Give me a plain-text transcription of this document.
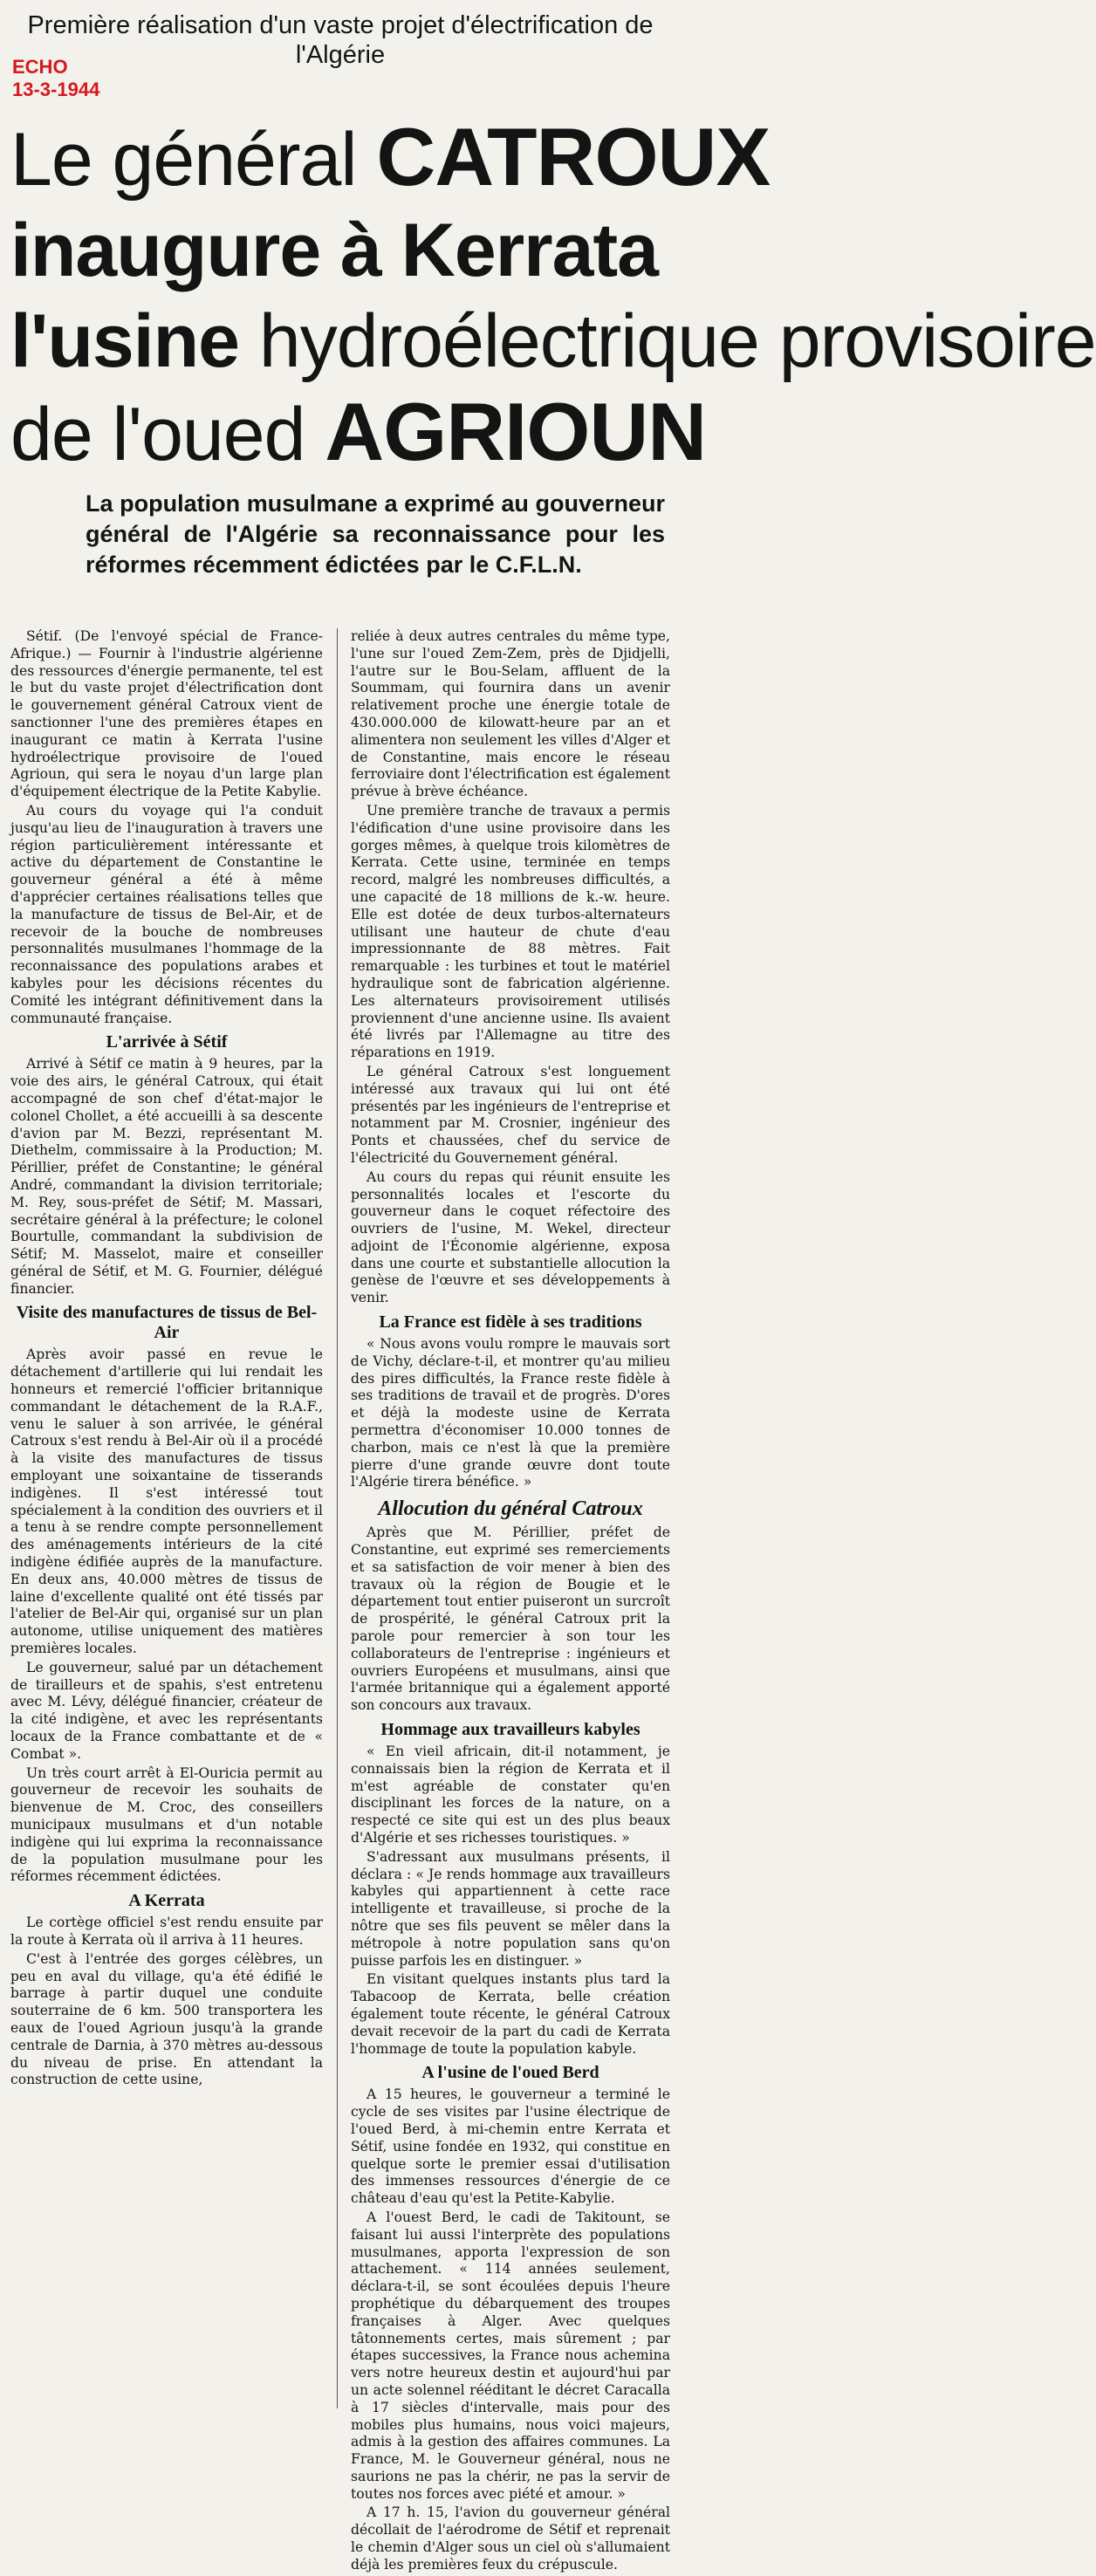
Première réalisation d'un vaste projet d'électrification de l'Algérie
ECHO
13-3-1944
Le général CATROUX
inaugure à Kerrata
l'usine hydroélectrique provisoire
de l'oued AGRIOUN
La population musulmane a exprimé au gouverneur général de l'Algérie sa reconnaissance pour les réformes récemment édictées par le C.F.L.N.

Sétif. (De l'envoyé spécial de France-Afrique.) — Fournir à l'industrie algérienne des ressources d'énergie permanente, tel est le but du vaste projet d'électrification dont le gouvernement général Catroux vient de sanctionner l'une des premières étapes en inaugurant ce matin à Kerrata l'usine hydroélectrique provisoire de l'oued Agrioun, qui sera le noyau d'un large plan d'équipement électrique de la Petite Kabylie.

Au cours du voyage qui l'a conduit jusqu'au lieu de l'inauguration à travers une région particulièrement intéressante et active du département de Constantine le gouverneur général a été à même d'apprécier certaines réalisations telles que la manufacture de tissus de Bel-Air, et de recevoir de la bouche de nombreuses personnalités musulmanes l'hommage de la reconnaissance des populations arabes et kabyles pour les décisions récentes du Comité les intégrant définitivement dans la communauté française.

L'arrivée à Sétif

Arrivé à Sétif ce matin à 9 heures, par la voie des airs, le général Catroux, qui était accompagné de son chef d'état-major le colonel Chollet, a été accueilli à sa descente d'avion par M. Bezzi, représentant M. Diethelm, commissaire à la Production; M. Périllier, préfet de Constantine; le général André, commandant la division territoriale; M. Rey, sous-préfet de Sétif; M. Massari, secrétaire général à la préfecture; le colonel Bourtulle, commandant la subdivision de Sétif; M. Masselot, maire et conseiller général de Sétif, et M. G. Fournier, délégué financier.

Visite des manufactures de tissus de Bel-Air

Après avoir passé en revue le détachement d'artillerie qui lui rendait les honneurs et remercié l'officier britannique commandant le détachement de la R.A.F., venu le saluer à son arrivée, le général Catroux s'est rendu à Bel-Air où il a procédé à la visite des manufactures de tissus employant une soixantaine de tisserands indigènes. Il s'est intéressé tout spécialement à la condition des ouvriers et il a tenu à se rendre compte personnellement des aménagements intérieurs de la cité indigène édifiée auprès de la manufacture. En deux ans, 40.000 mètres de tissus de laine d'excellente qualité ont été tissés par l'atelier de Bel-Air qui, organisé sur un plan autonome, utilise uniquement des matières premières locales.

Le gouverneur, salué par un détachement de tirailleurs et de spahis, s'est entretenu avec M. Lévy, délégué financier, créateur de la cité indigène, et avec les représentants locaux de la France combattante et de « Combat ».

Un très court arrêt à El-Ouricia permit au gouverneur de recevoir les souhaits de bienvenue de M. Croc, des conseillers municipaux musulmans et d'un notable indigène qui lui exprima la reconnaissance de la population musulmane pour les réformes récemment édictées.

A Kerrata

Le cortège officiel s'est rendu ensuite par la route à Kerrata où il arriva à 11 heures.

C'est à l'entrée des gorges célèbres, un peu en aval du village, qu'a été édifié le barrage à partir duquel une conduite souterraine de 6 km. 500 transportera les eaux de l'oued Agrioun jusqu'à la grande centrale de Darnia, à 370 mètres au-dessous du niveau de prise. En attendant la construction de cette usine,

reliée à deux autres centrales du même type, l'une sur l'oued Zem-Zem, près de Djidjelli, l'autre sur le Bou-Selam, affluent de la Soummam, qui fournira dans un avenir relativement proche une énergie totale de 430.000.000 de kilowatt-heure par an et alimentera non seulement les villes d'Alger et de Constantine, mais encore le réseau ferroviaire dont l'électrification est également prévue à brève échéance.

Une première tranche de travaux a permis l'édification d'une usine provisoire dans les gorges mêmes, à quelque trois kilomètres de Kerrata. Cette usine, terminée en temps record, malgré les nombreuses difficultés, a une capacité de 18 millions de k.-w. heure. Elle est dotée de deux turbos-alternateurs utilisant une hauteur de chute d'eau impressionnante de 88 mètres. Fait remarquable : les turbines et tout le matériel hydraulique sont de fabrication algérienne. Les alternateurs provisoirement utilisés proviennent d'une ancienne usine. Ils avaient été livrés par l'Allemagne au titre des réparations en 1919.

Le général Catroux s'est longuement intéressé aux travaux qui lui ont été présentés par les ingénieurs de l'entreprise et notamment par M. Crosnier, ingénieur des Ponts et chaussées, chef du service de l'électricité du Gouvernement général.

Au cours du repas qui réunit ensuite les personnalités locales et l'escorte du gouverneur dans le coquet réfectoire des ouvriers de l'usine, M. Wekel, directeur adjoint de l'Économie algérienne, exposa dans une courte et substantielle allocution la genèse de l'œuvre et ses développements à venir.

La France est fidèle à ses traditions

« Nous avons voulu rompre le mauvais sort de Vichy, déclare-t-il, et montrer qu'au milieu des pires difficultés, la France reste fidèle à ses traditions de travail et de progrès. D'ores et déjà la modeste usine de Kerrata permettra d'économiser 10.000 tonnes de charbon, mais ce n'est là que la première pierre d'une grande œuvre dont toute l'Algérie tirera bénéfice. »

Allocution du général Catroux

Après que M. Périllier, préfet de Constantine, eut exprimé ses remerciements et sa satisfaction de voir mener à bien des travaux où la région de Bougie et le département tout entier puiseront un surcroît de prospérité, le général Catroux prit la parole pour remercier à son tour les collaborateurs de l'entreprise : ingénieurs et ouvriers Européens et musulmans, ainsi que l'armée britannique qui a également apporté son concours aux travaux.

Hommage aux travailleurs kabyles

« En vieil africain, dit-il notamment, je connaissais bien la région de Kerrata et il m'est agréable de constater qu'en disciplinant les forces de la nature, on a respecté ce site qui est un des plus beaux d'Algérie et ses richesses touristiques. »

S'adressant aux musulmans présents, il déclara : « Je rends hommage aux travailleurs kabyles qui appartiennent à cette race intelligente et travailleuse, si proche de la nôtre que ses fils peuvent se mêler dans la métropole à notre population sans qu'on puisse parfois les en distinguer. »

En visitant quelques instants plus tard la Tabacoop de Kerrata, belle création également toute récente, le général Catroux devait recevoir de la part du cadi de Kerrata l'hommage de toute la population kabyle.

A l'usine de l'oued Berd

A 15 heures, le gouverneur a terminé le cycle de ses visites par l'usine électrique de l'oued Berd, à mi-chemin entre Kerrata et Sétif, usine fondée en 1932, qui constitue en quelque sorte le premier essai d'utilisation des immenses ressources d'énergie de ce château d'eau qu'est la Petite-Kabylie.

A l'ouest Berd, le cadi de Takitount, se faisant lui aussi l'interprète des populations musulmanes, apporta l'expression de son attachement. « 114 années seulement, déclara-t-il, se sont écoulées depuis l'heure prophétique du débarquement des troupes françaises à Alger. Avec quelques tâtonnements certes, mais sûrement ; par étapes successives, la France nous achemina vers notre heureux destin et aujourd'hui par un acte solennel rééditant le décret Caracalla à 17 siècles d'intervalle, mais pour des mobiles plus humains, nous voici majeurs, admis à la gestion des affaires communes. La France, M. le Gouverneur général, nous ne saurions ne pas la chérir, ne pas la servir de toutes nos forces avec piété et amour. »

A 17 h. 15, l'avion du gouverneur général décollait de l'aérodrome de Sétif et reprenait le chemin d'Alger sous un ciel où s'allumaient déjà les premières feux du crépuscule.
